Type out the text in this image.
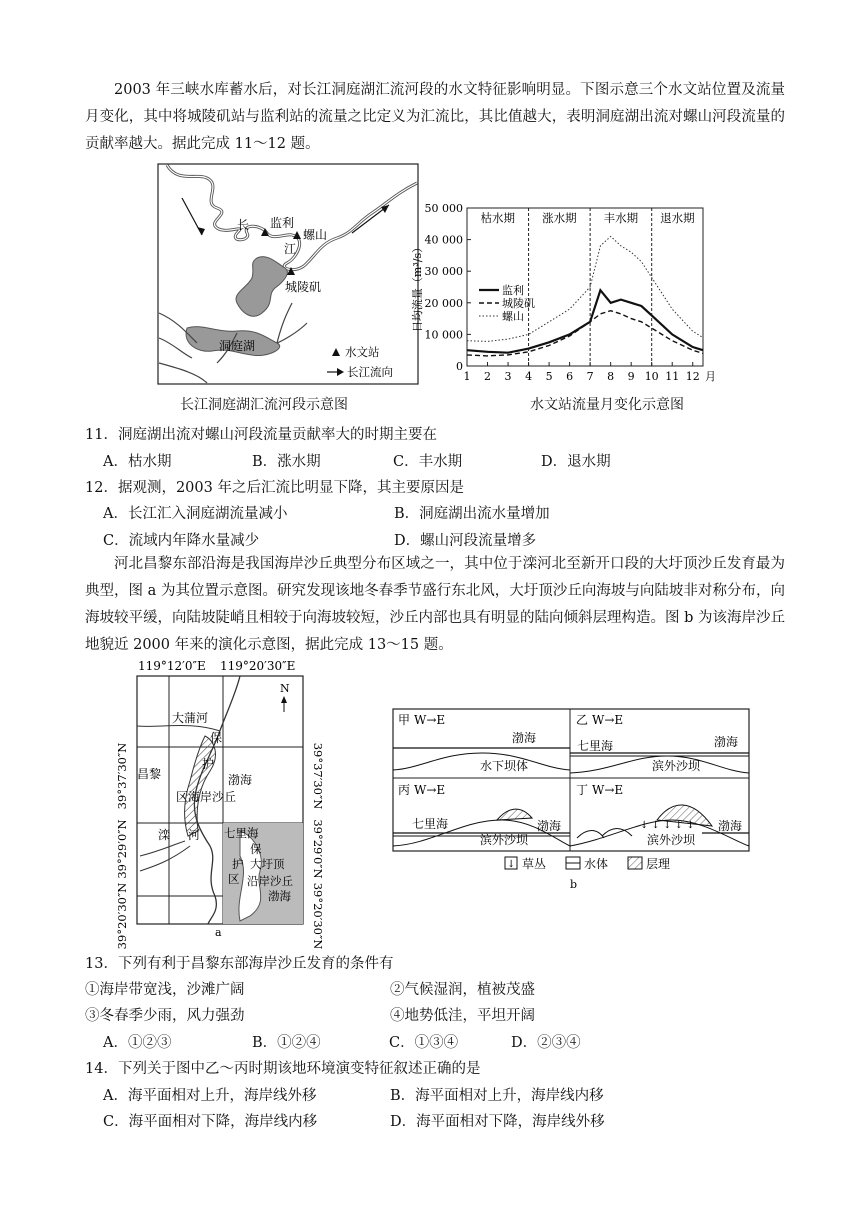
2003 年三峡水库蓄水后，对长江洞庭湖汇流河段的水文特征影响明显。下图示意三个水文站位置及流量月变化，其中将城陵矶站与监利站的流量之比定义为汇流比，其比值越大，表明洞庭湖出流对螺山河段流量的贡献率越大。据此完成 11～12 题。
长 监利
螺山
江
城陵矶
洞庭湖	水文站
长江流向
长江洞庭湖汇流河段示意图
0
10 000
20 000
30 000
40 000
50 000
1 2 3 4 5 6 7 8 9 10 11 12 月
日均流量（m³/s）
枯水期 涨水期 丰水期 退水期
监利
城陵矶
螺山
水文站流量月变化示意图
11．洞庭湖出流对螺山河段流量贡献率大的时期主要在
A．枯水期	B．涨水期	C．丰水期	D．退水期
12．据观测，2003 年之后汇流比明显下降，其主要原因是
A．长江汇入洞庭湖流量减小	B．洞庭湖出流水量增加
C．流域内年降水量减少	D．螺山河段流量增多
河北昌黎东部沿海是我国海岸沙丘典型分布区域之一，其中位于滦河北至新开口段的大圩顶沙丘发育最为典型，图 a 为其位置示意图。研究发现该地冬春季节盛行东北风，大圩顶沙丘向海坡与向陆坡非对称分布，向海坡较平缓，向陆坡陡峭且相较于向海坡较短，沙丘内部也具有明显的陆向倾斜层理构造。图 b 为该海岸沙丘地貌近 2000 年来的演化示意图，据此完成 13～15 题。
119°12′0″E 119°20′30″E
N
大蒲河
保
护
昌黎	渤海
区 海岸沙丘
滦 河 七里海
保
护 大圩顶
区 沿岸沙丘
渤海
39°37′30″N
39°29′0″N
39°20′30″N
39°37′30″N
39°29′0″N
39°20′30″N
a
甲 W→E
渤海
水下坝体
乙 W→E
七里海	渤海
滨外沙坝
丙 W→E
七里海	渤海
滨外沙坝
丁 W→E
渤海
↓ ↓ ↓ ↓ ↓
滨外沙坝
↓ 草丛	水体	层理
b
13．下列有利于昌黎东部海岸沙丘发育的条件有
①海岸带宽浅，沙滩广阔	②气候湿润，植被茂盛
③冬春季少雨，风力强劲	④地势低洼，平坦开阔
A．①②③	B．①②④	C．①③④	D．②③④
14．下列关于图中乙～丙时期该地环境演变特征叙述正确的是
A．海平面相对上升，海岸线外移	B．海平面相对上升，海岸线内移
C．海平面相对下降，海岸线内移	D．海平面相对下降，海岸线外移
